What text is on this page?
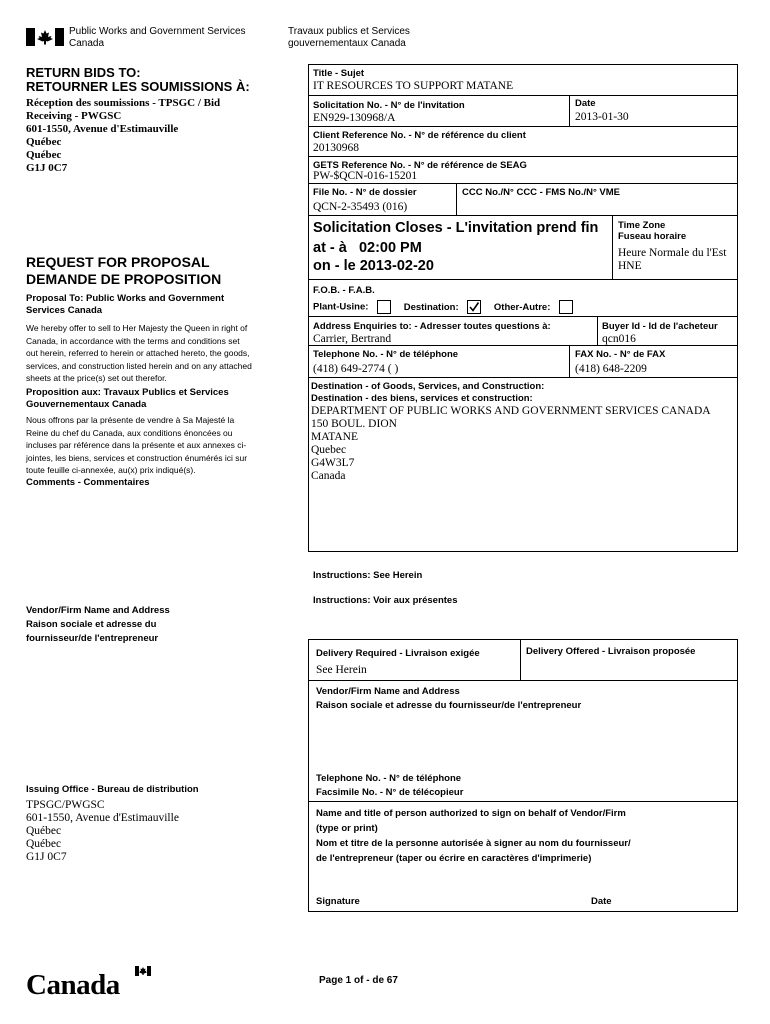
Public Works and Government Services
Canada
Travaux publics et Services
gouvernementaux Canada
RETURN BIDS TO:
RETOURNER LES SOUMISSIONS À:
Réception des soumissions - TPSGC / Bid
Receiving - PWGSC
601-1550, Avenue d'Estimauville
Québec
Québec
G1J 0C7
REQUEST FOR PROPOSAL
DEMANDE DE PROPOSITION
Proposal To: Public Works and Government Services Canada
We hereby offer to sell to Her Majesty the Queen in right of Canada, in accordance with the terms and conditions set out herein, referred to herein or attached hereto, the goods, services, and construction listed herein and on any attached sheets at the price(s) set out therefor.
Proposition aux: Travaux Publics et Services Gouvernementaux Canada
Nous offrons par la présente de vendre à Sa Majesté la Reine du chef du Canada, aux conditions énoncées ou incluses par référence dans la présente et aux annexes ci-jointes, les biens, services et construction énumérés ici sur toute feuille ci-annexée, au(x) prix indiqué(s).
Comments - Commentaires
Vendor/Firm Name and Address
Raison sociale et adresse du
fournisseur/de l'entrepreneur
Issuing Office - Bureau de distribution
TPSGC/PWGSC
601-1550, Avenue d'Estimauville
Québec
Québec
G1J 0C7
Title - Sujet
IT RESOURCES TO SUPPORT MATANE
Solicitation No. - N° de l'invitation
EN929-130968/A
Date
2013-01-30
Client Reference No. - N° de référence du client
20130968
GETS Reference No. - N° de référence de SEAG
PW-$QCN-016-15201
File No. - N° de dossier
QCN-2-35493 (016)
CCC No./N° CCC - FMS No./N° VME
Solicitation Closes - L'invitation prend fin
at - à 02:00 PM
on - le 2013-02-20
Time Zone
Fuseau horaire
Heure Normale du l'Est
HNE
F.O.B. - F.A.B.
Plant-Usine:	Destination:	Other-Autre:
Address Enquiries to: - Adresser toutes questions à:
Carrier, Bertrand
Buyer Id - Id de l'acheteur
qcn016
Telephone No. - N° de téléphone
(418) 649-2774 ( )
FAX No. - N° de FAX
(418) 648-2209
Destination - of Goods, Services, and Construction:
Destination - des biens, services et construction:
DEPARTMENT OF PUBLIC WORKS AND GOVERNMENT SERVICES CANADA
150 BOUL. DION
MATANE
Quebec
G4W3L7
Canada
Instructions: See Herein
Instructions: Voir aux présentes
Delivery Required - Livraison exigée
See Herein
Delivery Offered - Livraison proposée
Vendor/Firm Name and Address
Raison sociale et adresse du fournisseur/de l'entrepreneur
Telephone No. - N° de téléphone
Facsimile No. - N° de télécopieur
Name and title of person authorized to sign on behalf of Vendor/Firm
(type or print)
Nom et titre de la personne autorisée à signer au nom du fournisseur/
de l'entrepreneur (taper ou écrire en caractères d'imprimerie)
Signature	Date
Canada	Page 1 of - de 67
